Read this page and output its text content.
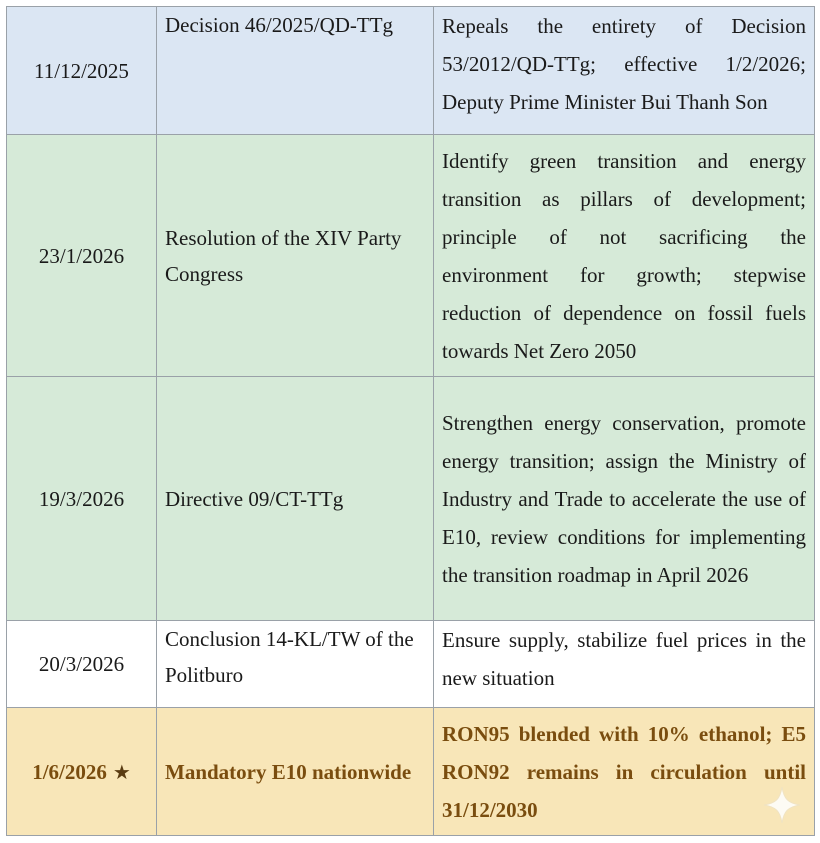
11/12/2025	Decision 46/2025/QD-TTg	Repeals the entirety of Decision 53/2012/QD-TTg; effective 1/2/2026; Deputy Prime Minister Bui Thanh Son
23/1/2026	Resolution of the XIV Party Congress	Identify green transition and energy transition as pillars of development; principle of not sacrificing the environment for growth; stepwise reduction of dependence on fossil fuels towards Net Zero 2050
19/3/2026	Directive 09/CT-TTg	Strengthen energy conservation, promote energy transition; assign the Ministry of Industry and Trade to accelerate the use of E10, review conditions for implementing the transition roadmap in April 2026
20/3/2026	Conclusion 14-KL/TW of the Politburo	Ensure supply, stabilize fuel prices in the new situation
1/6/2026 ★	Mandatory E10 nationwide	RON95 blended with 10% ethanol; E5 RON92 remains in circulation until 31/12/2030
